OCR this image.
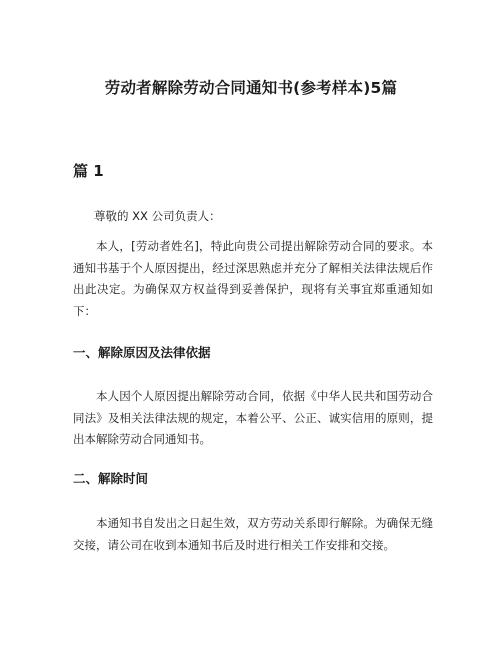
劳动者解除劳动合同通知书(参考样本)5篇
篇 1
尊敬的 XX 公司负责人：
本人，[劳动者姓名]，特此向贵公司提出解除劳动合同的要求。本通知书基于个人原因提出，经过深思熟虑并充分了解相关法律法规后作出此决定。为确保双方权益得到妥善保护，现将有关事宜郑重通知如下：
一、解除原因及法律依据
本人因个人原因提出解除劳动合同，依据《中华人民共和国劳动合同法》及相关法律法规的规定，本着公平、公正、诚实信用的原则，提出本解除劳动合同通知书。
二、解除时间
本通知书自发出之日起生效，双方劳动关系即行解除。为确保无缝交接，请公司在收到本通知书后及时进行相关工作安排和交接。
